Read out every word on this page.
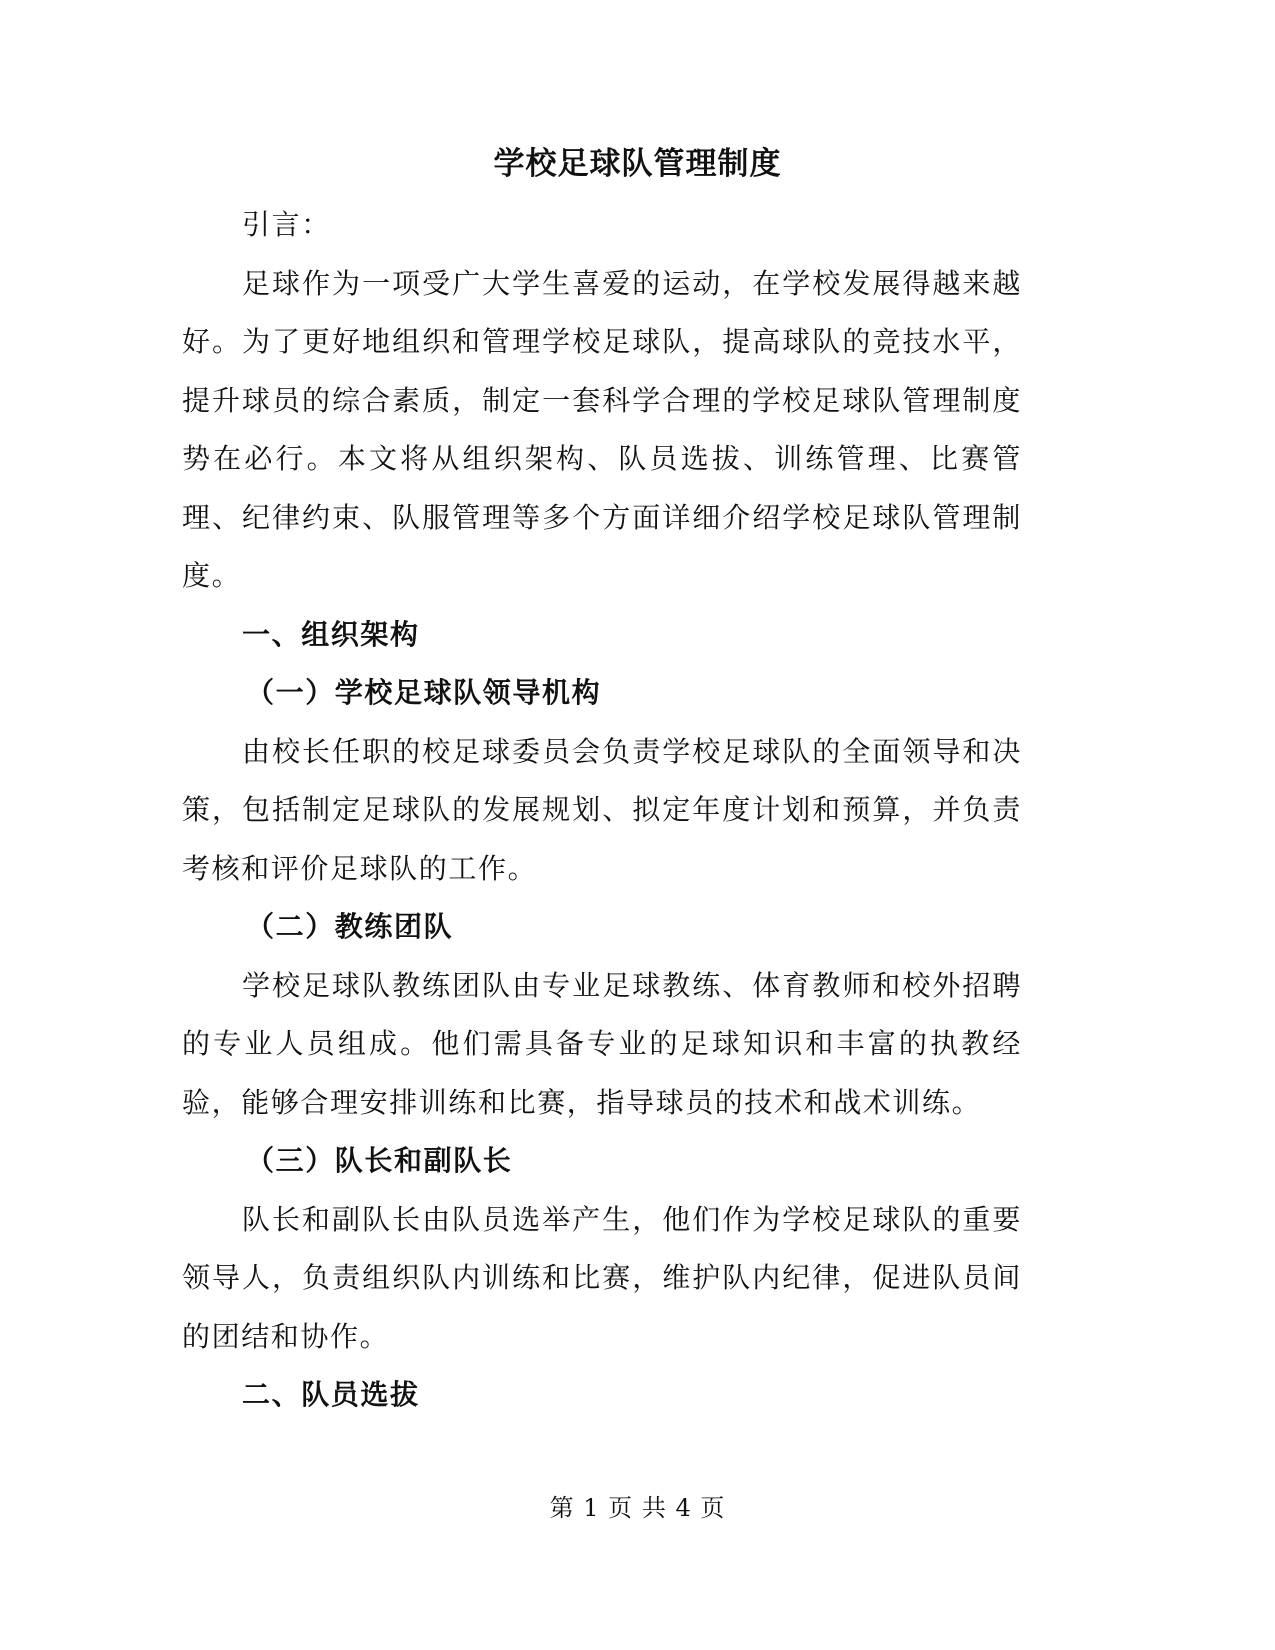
学校足球队管理制度

引言：

足球作为一项受广大学生喜爱的运动，在学校发展得越来越好。为了更好地组织和管理学校足球队，提高球队的竞技水平，提升球员的综合素质，制定一套科学合理的学校足球队管理制度势在必行。本文将从组织架构、队员选拔、训练管理、比赛管理、纪律约束、队服管理等多个方面详细介绍学校足球队管理制度。

一、组织架构

（一）学校足球队领导机构

由校长任职的校足球委员会负责学校足球队的全面领导和决策，包括制定足球队的发展规划、拟定年度计划和预算，并负责考核和评价足球队的工作。

（二）教练团队

学校足球队教练团队由专业足球教练、体育教师和校外招聘的专业人员组成。他们需具备专业的足球知识和丰富的执教经验，能够合理安排训练和比赛，指导球员的技术和战术训练。

（三）队长和副队长

队长和副队长由队员选举产生，他们作为学校足球队的重要领导人，负责组织队内训练和比赛，维护队内纪律，促进队员间的团结和协作。

二、队员选拔

第 1 页 共 4 页
